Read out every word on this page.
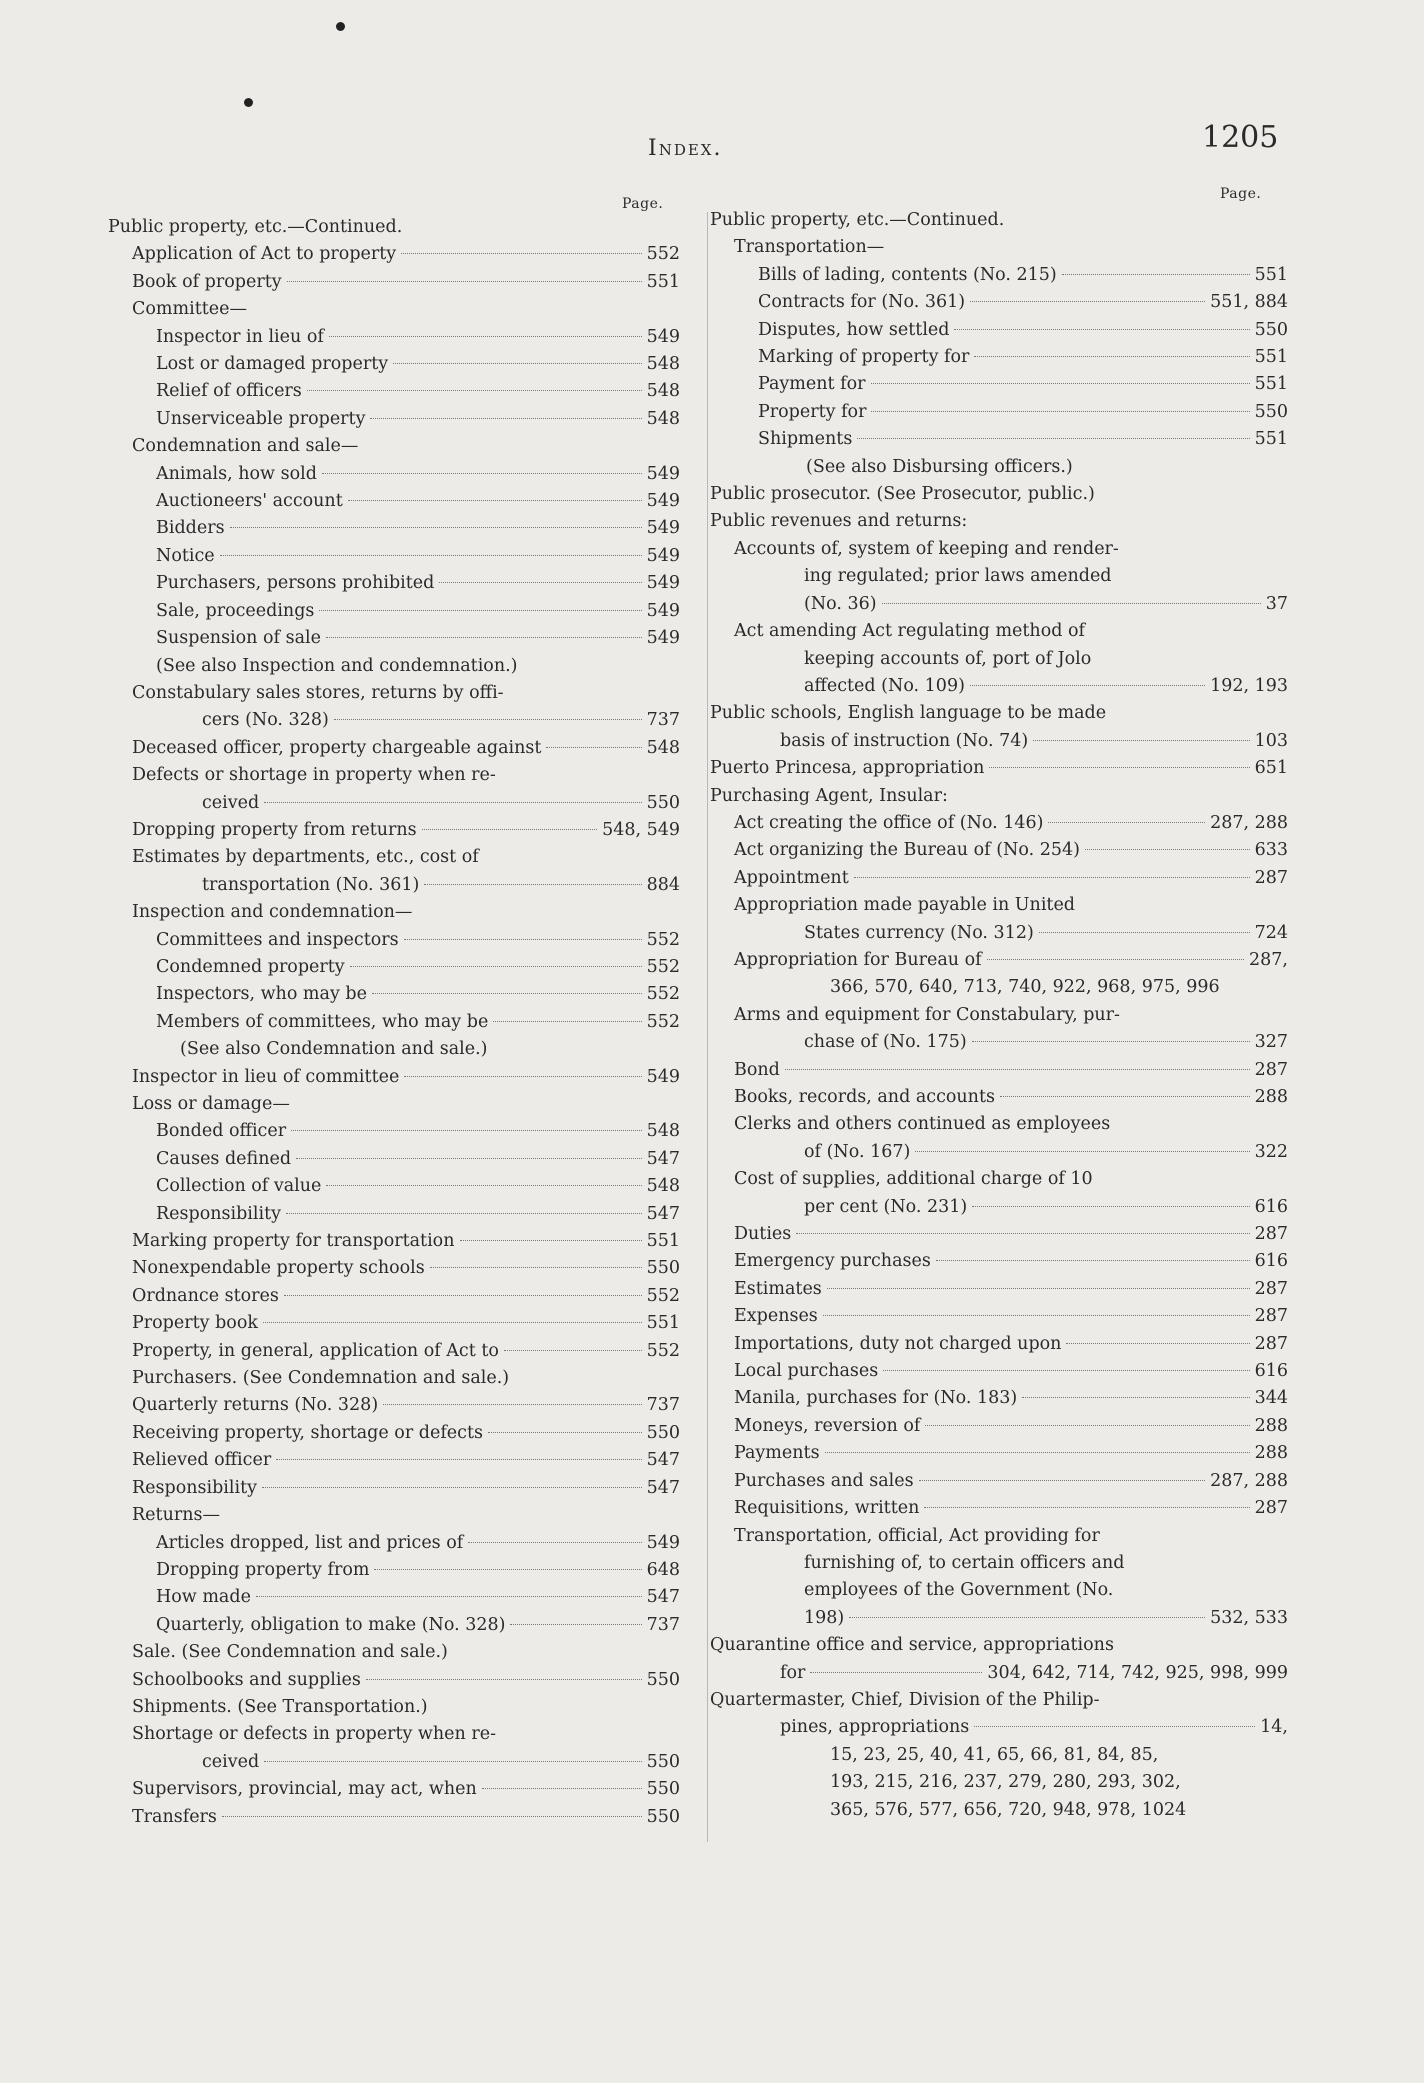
Index.	1205
Page.
Page.
Public property, etc.—Continued.
Application of Act to property	552
Book of property	551
Committee—
Inspector in lieu of	549
Lost or damaged property	548
Relief of officers	548
Unserviceable property	548
Condemnation and sale—
Animals, how sold	549
Auctioneers' account	549
Bidders	549
Notice	549
Purchasers, persons prohibited	549
Sale, proceedings	549
Suspension of sale	549
(See also Inspection and condemnation.)
Constabulary sales stores, returns by offi-
cers (No. 328)	737
Deceased officer, property chargeable against	548
Defects or shortage in property when re-
ceived	550
Dropping property from returns	548, 549
Estimates by departments, etc., cost of
transportation (No. 361)	884
Inspection and condemnation—
Committees and inspectors	552
Condemned property	552
Inspectors, who may be	552
Members of committees, who may be	552
(See also Condemnation and sale.)
Inspector in lieu of committee	549
Loss or damage—
Bonded officer	548
Causes defined	547
Collection of value	548
Responsibility	547
Marking property for transportation	551
Nonexpendable property schools	550
Ordnance stores	552
Property book	551
Property, in general, application of Act to	552
Purchasers. (See Condemnation and sale.)
Quarterly returns (No. 328)	737
Receiving property, shortage or defects	550
Relieved officer	547
Responsibility	547
Returns—
Articles dropped, list and prices of	549
Dropping property from	648
How made	547
Quarterly, obligation to make (No. 328)	737
Sale. (See Condemnation and sale.)
Schoolbooks and supplies	550
Shipments. (See Transportation.)
Shortage or defects in property when re-
ceived	550
Supervisors, provincial, may act, when	550
Transfers	550
Public property, etc.—Continued.
Transportation—
Bills of lading, contents (No. 215)	551
Contracts for (No. 361)	551, 884
Disputes, how settled	550
Marking of property for	551
Payment for	551
Property for	550
Shipments	551
(See also Disbursing officers.)
Public prosecutor. (See Prosecutor, public.)
Public revenues and returns:
Accounts of, system of keeping and render-
ing regulated; prior laws amended
(No. 36)	37
Act amending Act regulating method of
keeping accounts of, port of Jolo
affected (No. 109)	192, 193
Public schools, English language to be made
basis of instruction (No. 74)	103
Puerto Princesa, appropriation	651
Purchasing Agent, Insular:
Act creating the office of (No. 146)	287, 288
Act organizing the Bureau of (No. 254)	633
Appointment	287
Appropriation made payable in United
States currency (No. 312)	724
Appropriation for Bureau of	287,
366, 570, 640, 713, 740, 922, 968, 975, 996
Arms and equipment for Constabulary, pur-
chase of (No. 175)	327
Bond	287
Books, records, and accounts	288
Clerks and others continued as employees
of (No. 167)	322
Cost of supplies, additional charge of 10
per cent (No. 231)	616
Duties	287
Emergency purchases	616
Estimates	287
Expenses	287
Importations, duty not charged upon	287
Local purchases	616
Manila, purchases for (No. 183)	344
Moneys, reversion of	288
Payments	288
Purchases and sales	287, 288
Requisitions, written	287
Transportation, official, Act providing for
furnishing of, to certain officers and
employees of the Government (No.
198)	532, 533
Quarantine office and service, appropriations
for	304, 642, 714, 742, 925, 998, 999
Quartermaster, Chief, Division of the Philip-
pines, appropriations	14,
15, 23, 25, 40, 41, 65, 66, 81, 84, 85,
193, 215, 216, 237, 279, 280, 293, 302,
365, 576, 577, 656, 720, 948, 978, 1024
